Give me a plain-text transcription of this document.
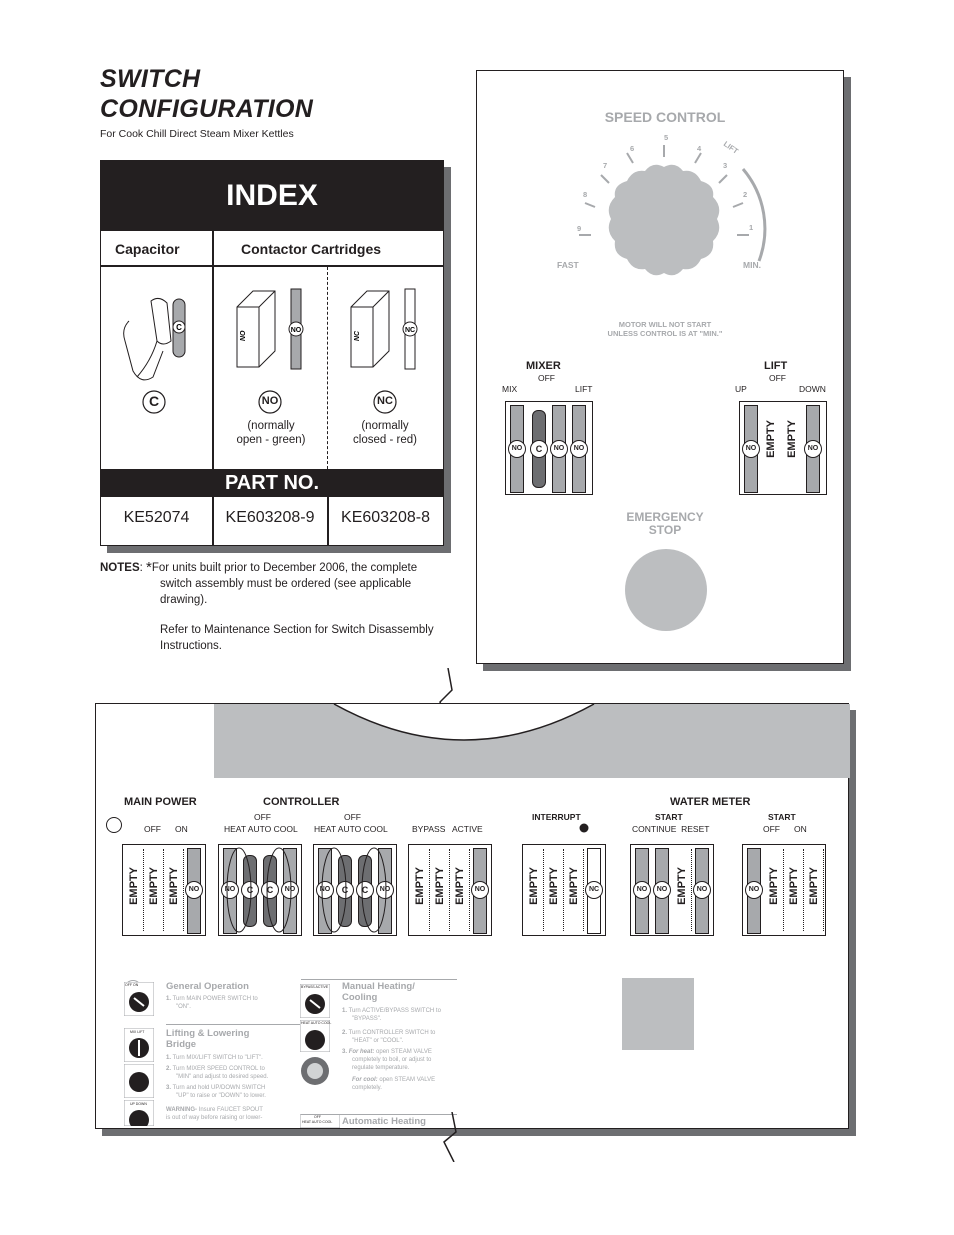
SWITCH
CONFIGURATION
For Cook Chill Direct Steam Mixer Kettles
INDEX
Capacitor	Contactor Cartridges
C
C
NO	NO
NO
(normally
open - green)
NC
NC
NC
(normally
closed - red)
PART NO.
KE52074	KE603208-9	KE603208-8
NOTES: *For units built prior to December 2006, the complete
switch assembly must be ordered (see applicable
drawing).
Refer to Maintenance Section for Switch Disassembly
Instructions.
SPEED CONTROL
5
6
7
8
9
4
3
2
1
LIFT
FAST	MIN.
MOTOR WILL NOT START
UNLESS CONTROL IS AT "MIN."
MIXER
OFF
MIX	LIFT
LIFT
OFF
UP	DOWN
NO	C	NO	NO	EMPTY EMPTY
NO	NO
EMERGENCY
STOP
MAIN POWER
OFF ON
CONTROLLER
OFF	OFF
HEAT AUTO COOL HEAT AUTO COOL	BYPASS   ACTIVE
INTERRUPT
WATER METER
START
CONTINUE  RESET
START
OFF ON
EMPTY EMPTY EMPTY	NO	NO	C	C	NO	NO	C	C	NO	EMPTY EMPTY EMPTY	NO	EMPTY EMPTY EMPTY	NC	NO	NO EMPTY	NO	NO EMPTY EMPTY EMPTY
OFF ON	General Operation
1. Turn MAIN POWER SWITCH to
"ON".
MIX LIFT
UP DOWN
Lifting & Lowering
Bridge
1. Turn MIX/LIFT SWITCH to "LIFT".
2. Turn MIXER SPEED CONTROL to
"MIN" and adjust to desired speed.
3. Turn and hold UP/DOWN SWITCH
"UP" to raise or "DOWN" to lower.
WARNING- Insure FAUCET SPOUT
is out of way before raising or lower-
BYPASS ACTIVE
HEAT AUTO COOL
OFF
HEAT AUTO COOL
Manual Heating/
Cooling
1. Turn ACTIVE/BYPASS SWITCH to
"BYPASS".
2. Turn CONTROLLER SWITCH to
"HEAT" or "COOL".
3. For heat: open STEAM VALVE
completely to boil, or adjust to
regulate temperature.
For cool: open STEAM VALVE
completely.
Automatic Heating
